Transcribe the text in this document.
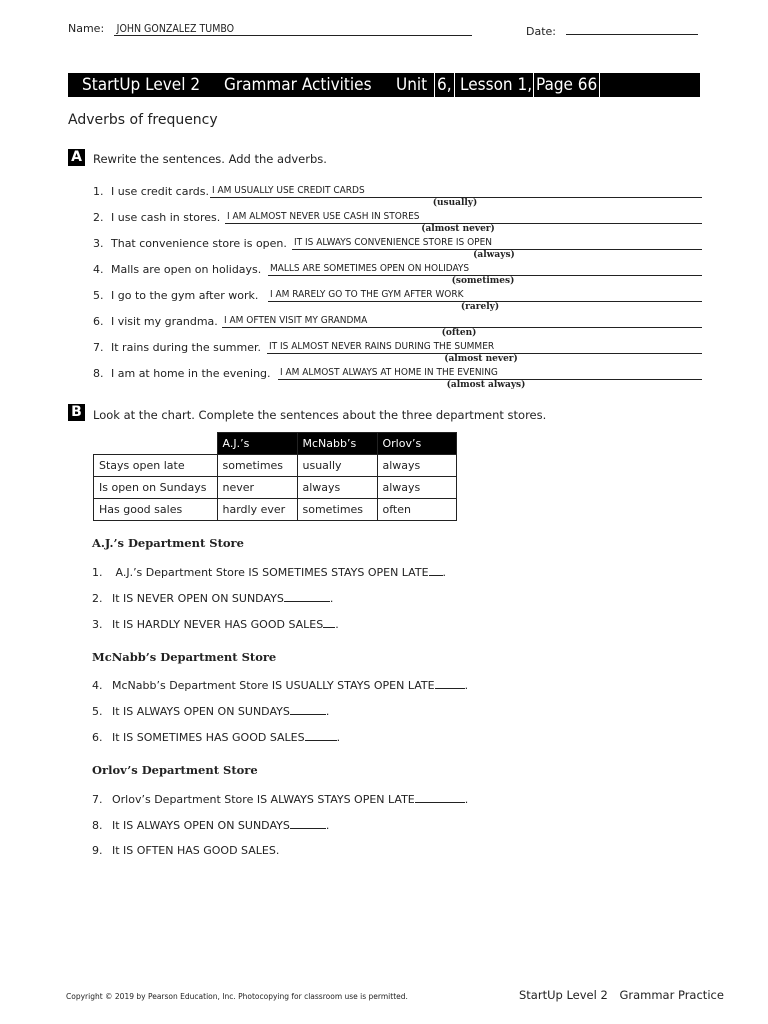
Name: JOHN GONZALEZ TUMBO	Date:
StartUp Level 2 Grammar Activities Unit 6, Lesson 1, Page 66
Adverbs of frequency
A Rewrite the sentences. Add the adverbs.
1. I use credit cards. I AM USUALLY USE CREDIT CARDS
(usually)
2. I use cash in stores. I AM ALMOST NEVER USE CASH IN STORES
(almost never)
3. That convenience store is open. IT IS ALWAYS CONVENIENCE STORE IS OPEN
(always)
4. Malls are open on holidays. MALLS ARE SOMETIMES OPEN ON HOLIDAYS
(sometimes)
5. I go to the gym after work. I AM RARELY GO TO THE GYM AFTER WORK
(rarely)
6. I visit my grandma. I AM OFTEN VISIT MY GRANDMA
(often)
7. It rains during the summer. IT IS ALMOST NEVER RAINS DURING THE SUMMER
(almost never)
8. I am at home in the evening. I AM ALMOST ALWAYS AT HOME IN THE EVENING
(almost always)
B Look at the chart. Complete the sentences about the three department stores.
	A.J.’s	McNabb’s	Orlov’s
Stays open late	sometimes	usually	always
Is open on Sundays	never	always	always
Has good sales	hardly ever	sometimes	often
A.J.’s Department Store
1. A.J.’s Department Store IS SOMETIMES STAYS OPEN LATE .
2. It IS NEVER OPEN ON SUNDAYS	.
3. It IS HARDLY NEVER HAS GOOD SALES .
McNabb’s Department Store
4. McNabb’s Department Store IS USUALLY STAYS OPEN LATE	.
5. It IS ALWAYS OPEN ON SUNDAYS	.
6. It IS SOMETIMES HAS GOOD SALES	.
Orlov’s Department Store
7. Orlov’s Department Store IS ALWAYS STAYS OPEN LATE	.
8. It IS ALWAYS OPEN ON SUNDAYS	.
9. It IS OFTEN HAS GOOD SALES.
Copyright © 2019 by Pearson Education, Inc. Photocopying for classroom use is permitted.	StartUp Level 2 Grammar Practice
